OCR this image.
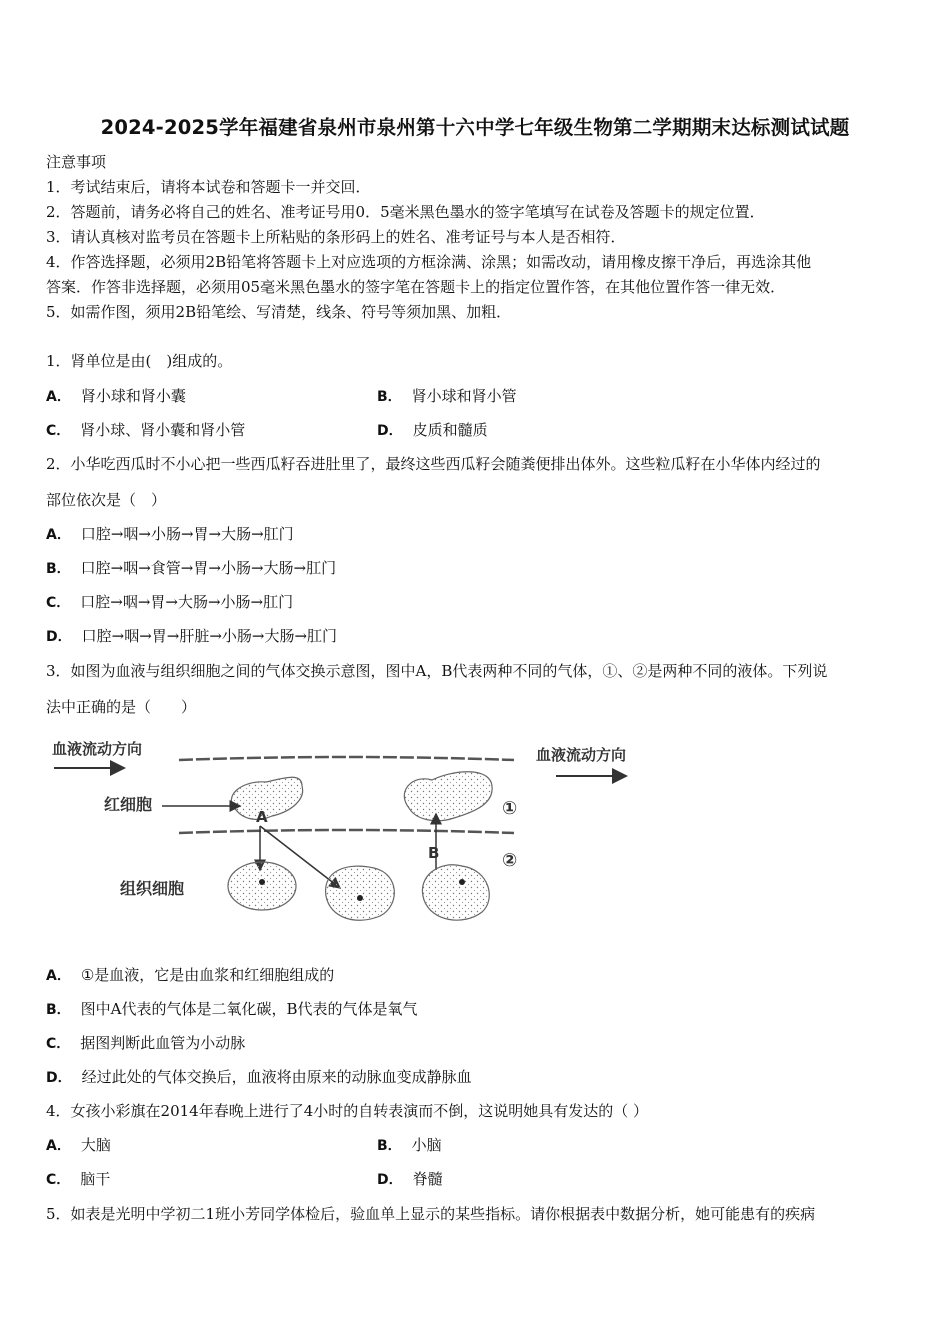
2024-2025学年福建省泉州市泉州第十六中学七年级生物第二学期期末达标测试试题
注意事项
1．考试结束后，请将本试卷和答题卡一并交回．
2．答题前，请务必将自己的姓名、准考证号用0．5毫米黑色墨水的签字笔填写在试卷及答题卡的规定位置．
3．请认真核对监考员在答题卡上所粘贴的条形码上的姓名、准考证号与本人是否相符．
4．作答选择题，必须用2B铅笔将答题卡上对应选项的方框涂满、涂黑；如需改动，请用橡皮擦干净后，再选涂其他
答案．作答非选择题，必须用05毫米黑色墨水的签字笔在答题卡上的指定位置作答，在其他位置作答一律无效．
5．如需作图，须用2B铅笔绘、写清楚，线条、符号等须加黑、加粗．
1．肾单位是由(　)组成的。
A． 肾小球和肾小囊	B． 肾小球和肾小管
C． 肾小球、肾小囊和肾小管	D． 皮质和髓质
2．小华吃西瓜时不小心把一些西瓜籽吞进肚里了，最终这些西瓜籽会随粪便排出体外。这些粒瓜籽在小华体内经过的
部位依次是（　）
A． 口腔→咽→小肠→胃→大肠→肛门
B． 口腔→咽→食管→胃→小肠→大肠→肛门
C． 口腔→咽→胃→大肠→小肠→肛门
D． 口腔→咽→胃→肝脏→小肠→大肠→肛门
3．如图为血液与组织细胞之间的气体交换示意图，图中A，B代表两种不同的气体，①、②是两种不同的液体。下列说
法中正确的是（　　）
血液流动方向	血液流动方向
红细胞
A
B
①
②
组织细胞
A． ①是血液，它是由血浆和红细胞组成的
B． 图中A代表的气体是二氧化碳，B代表的气体是氧气
C． 据图判断此血管为小动脉
D． 经过此处的气体交换后，血液将由原来的动脉血变成静脉血
4．女孩小彩旗在2014年春晚上进行了4小时的自转表演而不倒，这说明她具有发达的（ ）
A． 大脑	B． 小脑
C． 脑干	D． 脊髓
5．如表是光明中学初二1班小芳同学体检后，验血单上显示的某些指标。请你根据表中数据分析，她可能患有的疾病
